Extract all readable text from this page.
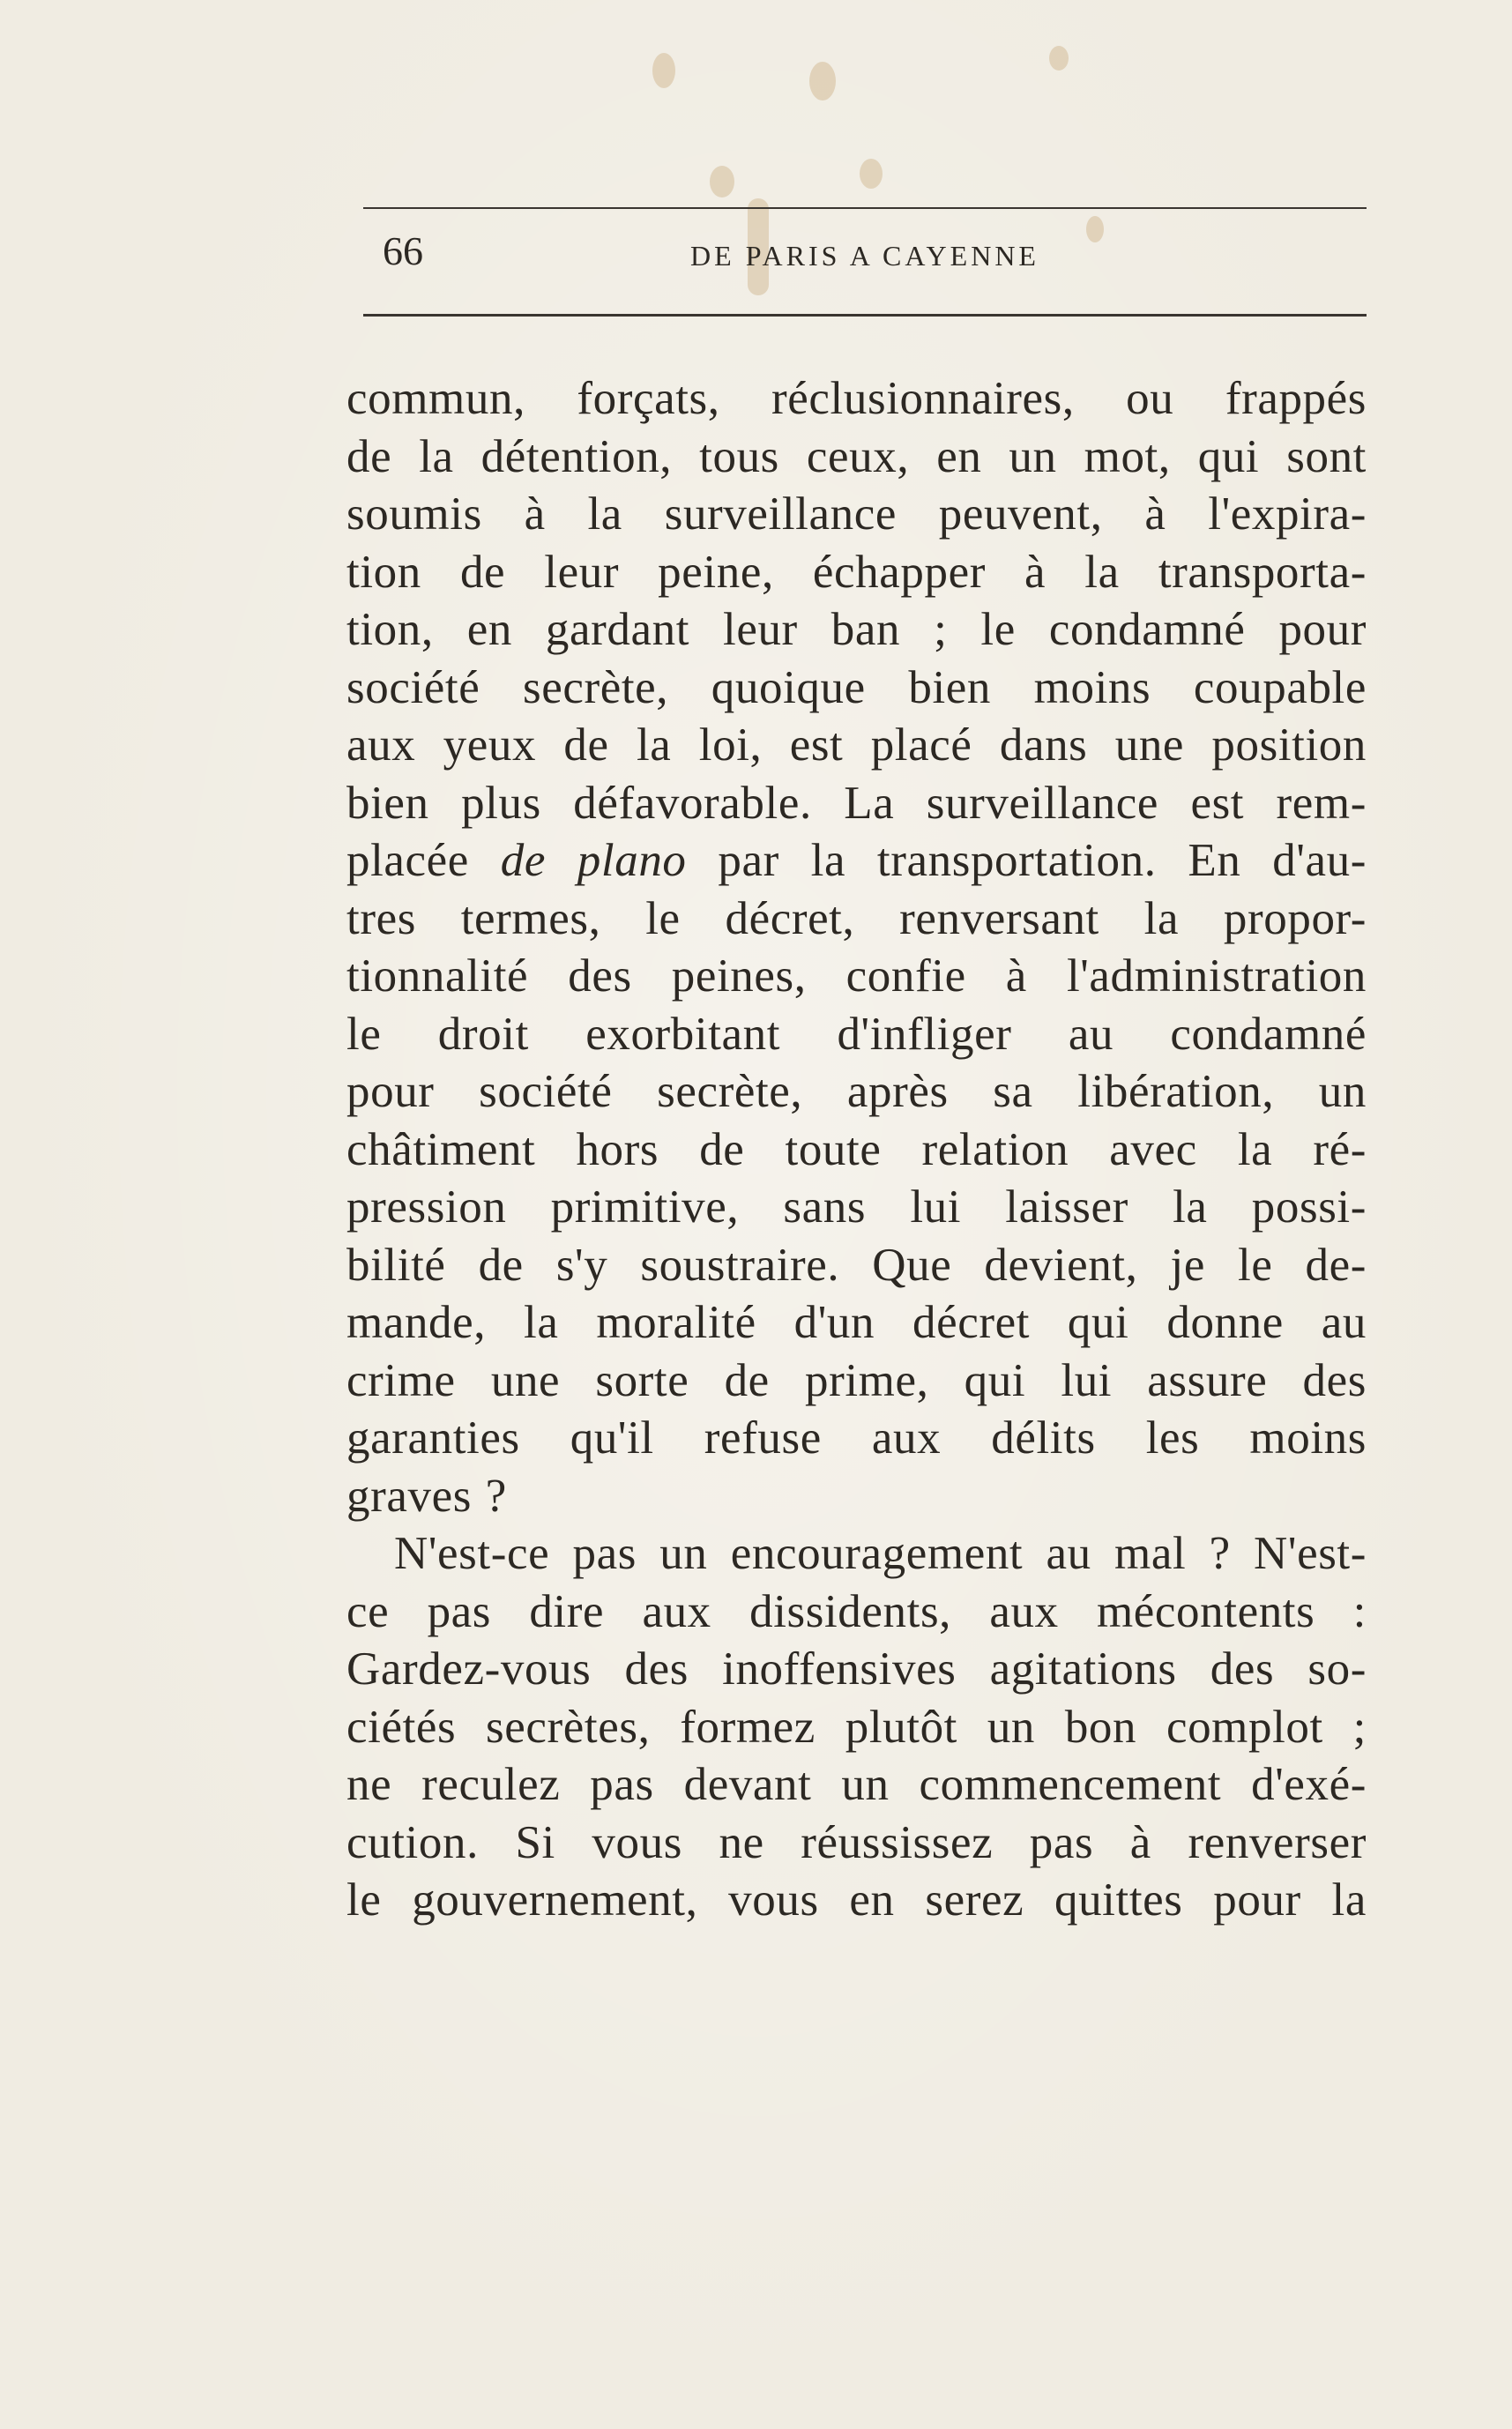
66	DE PARIS A CAYENNE
commun, forçats, réclusionnaires, ou frappés
de la détention, tous ceux, en un mot, qui sont
soumis à la surveillance peuvent, à l'expira-
tion de leur peine, échapper à la transporta-
tion, en gardant leur ban ; le condamné pour
société secrète, quoique bien moins coupable
aux yeux de la loi, est placé dans une position
bien plus défavorable. La surveillance est rem-
placée de plano par la transportation. En d'au-
tres termes, le décret, renversant la propor-
tionnalité des peines, confie à l'administration
le droit exorbitant d'infliger au condamné
pour société secrète, après sa libération, un
châtiment hors de toute relation avec la ré-
pression primitive, sans lui laisser la possi-
bilité de s'y soustraire. Que devient, je le de-
mande, la moralité d'un décret qui donne au
crime une sorte de prime, qui lui assure des
garanties qu'il refuse aux délits les moins
graves ?
N'est-ce pas un encouragement au mal ? N'est-
ce pas dire aux dissidents, aux mécontents :
Gardez-vous des inoffensives agitations des so-
ciétés secrètes, formez plutôt un bon complot ;
ne reculez pas devant un commencement d'exé-
cution. Si vous ne réussissez pas à renverser
le gouvernement, vous en serez quittes pour la
